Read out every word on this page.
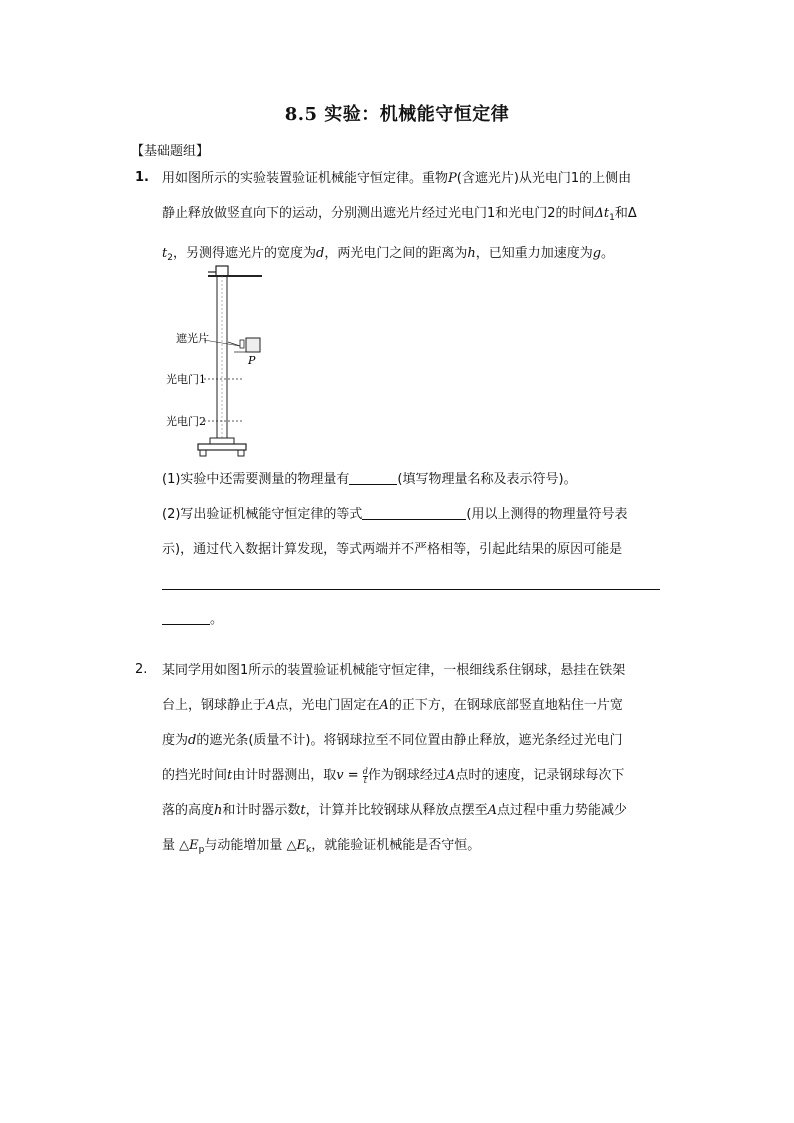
8.5 实验：机械能守恒定律
【基础题组】
1. 用如图所示的实验装置验证机械能守恒定律。重物P(含遮光片)从光电门1的上侧由
静止释放做竖直向下的运动，分别测出遮光片经过光电门1和光电门2的时间$\Delta t_1$和Δ
$t_2$，另测得遮光片的宽度为d，两光电门之间的距离为h，已知重力加速度为g。
遮光片
P
光电门1
光电门2
(1)实验中还需要测量的物理量有	(填写物理量名称及表示符号)。
(2)写出验证机械能守恒定律的等式	(用以上测得的物理量符号表
示)，通过代入数据计算发现，等式两端并不严格相等，引起此结果的原因可能是
。
2. 某同学用如图1所示的装置验证机械能守恒定律，一根细线系住钢球，悬挂在铁架
台上，钢球静止于A点，光电门固定在A的正下方，在钢球底部竖直地粘住一片宽
度为d的遮光条(质量不计)。将钢球拉至不同位置由静止释放，遮光条经过光电门
的挡光时间t由计时器测出，取$v = \frac{d}{t}$ 作为钢球经过A点时的速度，记录钢球每次下
落的高度h和计时器示数t，计算并比较钢球从释放点摆至A点过程中重力势能减少
量 $\triangle E_p$与动能增加量 $\triangle E_k$，就能验证机械能是否守恒。
